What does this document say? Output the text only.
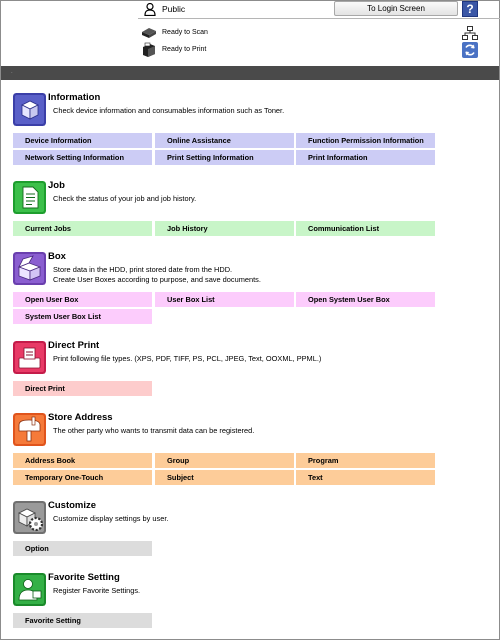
Public	To Login Screen	?
Ready to Scan
Ready to Print
.
Information
Check device information and consumables information such as Toner.
Device Information	Online Assistance	Function Permission Information
Network Setting Information	Print Setting Information	Print Information
Job
Check the status of your job and job history.
Current Jobs	Job History	Communication List
Box
Store data in the HDD, print stored date from the HDD.
Create User Boxes according to purpose, and save documents.
Open User Box	User Box List	Open System User Box
System User Box List
Direct Print
Print following file types. (XPS, PDF, TIFF, PS, PCL, JPEG, Text, OOXML, PPML.)
Direct Print
Store Address
The other party who wants to transmit data can be registered.
Address Book	Group	Program
Temporary One-Touch	Subject	Text
Customize
Customize display settings by user.
Option
Favorite Setting
Register Favorite Settings.
Favorite Setting
